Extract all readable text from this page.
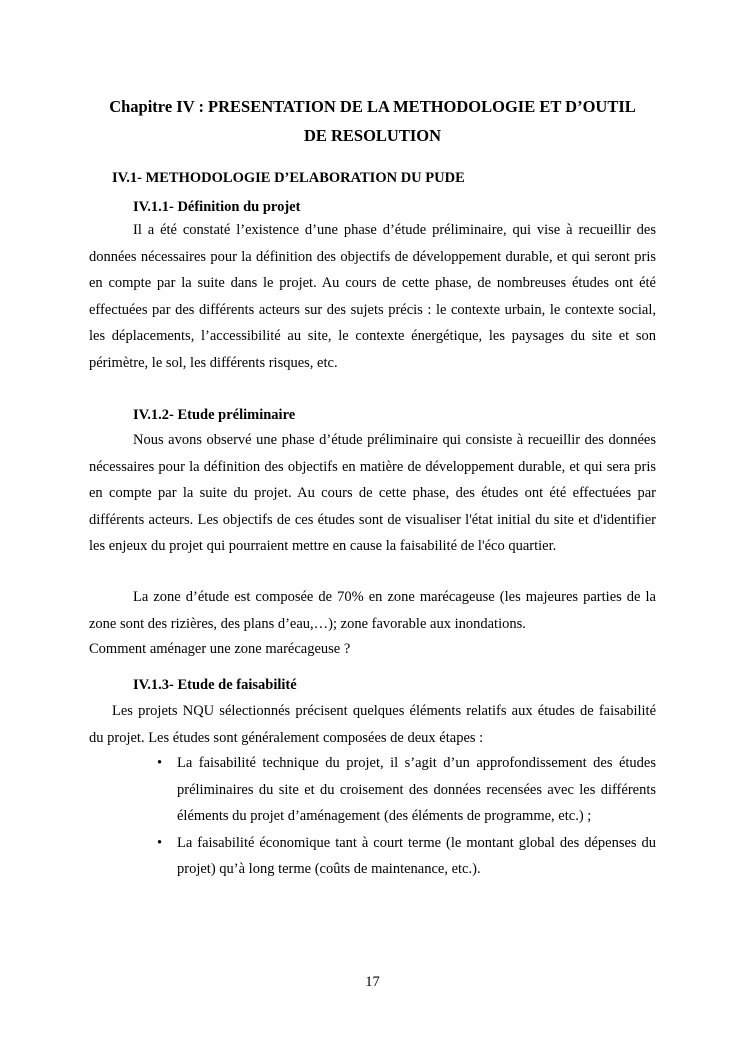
Chapitre IV : PRESENTATION DE LA METHODOLOGIE ET D’OUTIL
DE RESOLUTION
IV.1- METHODOLOGIE D’ELABORATION DU PUDE
IV.1.1- Définition du projet

Il a été constaté l’existence d’une phase d’étude préliminaire, qui vise à recueillir des données nécessaires pour la définition des objectifs de développement durable, et qui seront pris en compte par la suite dans le projet. Au cours de cette phase, de nombreuses études ont été effectuées par des différents acteurs sur des sujets précis : le contexte urbain, le contexte social, les déplacements, l’accessibilité au site, le contexte énergétique, les paysages du site et son périmètre, le sol, les différents risques, etc.

IV.1.2- Etude préliminaire

Nous avons observé une phase d’étude préliminaire qui consiste à recueillir des données nécessaires pour la définition des objectifs en matière de développement durable, et qui sera pris en compte par la suite du projet. Au cours de cette phase, des études ont été effectuées par différents acteurs. Les objectifs de ces études sont de visualiser l'état initial du site et d'identifier les enjeux du projet qui pourraient mettre en cause la faisabilité de l'éco quartier.

La zone d’étude est composée de 70% en zone marécageuse (les majeures parties de la zone sont des rizières, des plans d’eau,…); zone favorable aux inondations.

Comment aménager une zone marécageuse ?
IV.1.3- Etude de faisabilité

Les projets NQU sélectionnés précisent quelques éléments relatifs aux études de faisabilité du projet. Les études sont généralement composées de deux étapes :

• La faisabilité technique du projet, il s’agit d’un approfondissement des études préliminaires du site et du croisement des données recensées avec les différents éléments du projet d’aménagement (des éléments de programme, etc.) ;
• La faisabilité économique tant à court terme (le montant global des dépenses du projet) qu’à long terme (coûts de maintenance, etc.).
17
